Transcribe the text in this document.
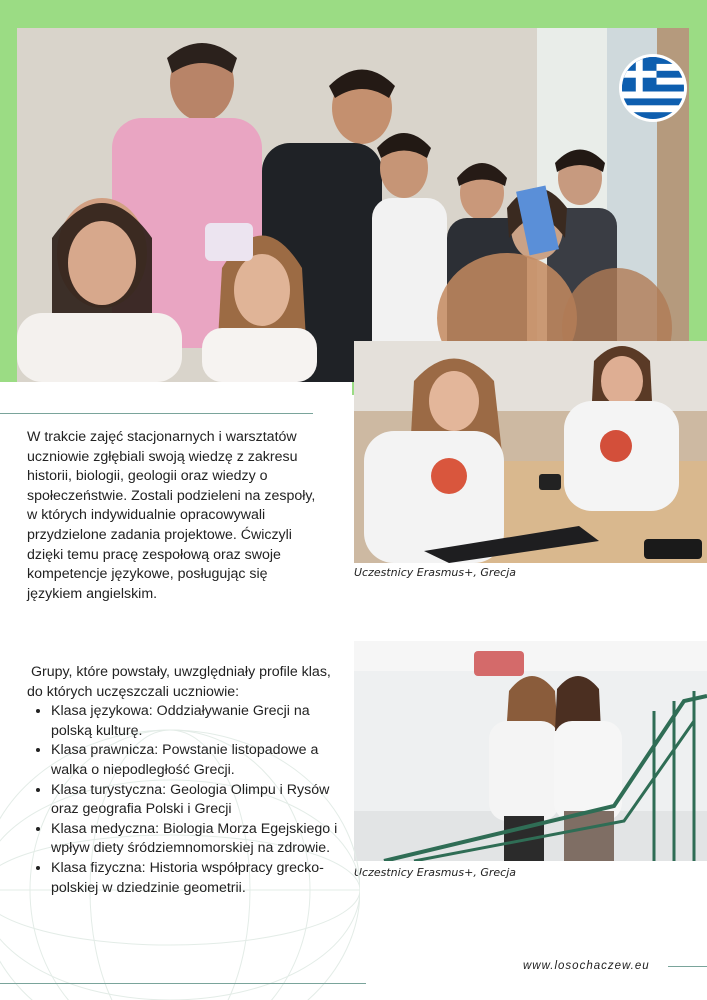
Uczestnicy Erasmus+, Grecja
Uczestnicy Erasmus+, Grecja
W trakcie zajęć stacjonarnych i warsztatów uczniowie zgłębiali swoją wiedzę z zakresu historii, biologii, geologii oraz wiedzy o społeczeństwie. Zostali podzieleni na zespoły, w których indywidualnie opracowywali przydzielone zadania projektowe. Ćwiczyli dzięki temu pracę zespołową oraz swoje kompetencje językowe, posługując się językiem angielskim.
Grupy, które powstały, uwzględniały profile klas, do których uczęszczali uczniowie:
• Klasa językowa: Oddziaływanie Grecji na polską kulturę.
• Klasa prawnicza: Powstanie listopadowe a walka o niepodległość Grecji.
• Klasa turystyczna: Geologia Olimpu i Rysów oraz geografia Polski i Grecji
• Klasa medyczna: Biologia Morza Egejskiego i wpływ diety śródziemnomorskiej na zdrowie.
• Klasa fizyczna: Historia współpracy grecko-polskiej w dziedzinie geometrii.
www.losochaczew.eu
